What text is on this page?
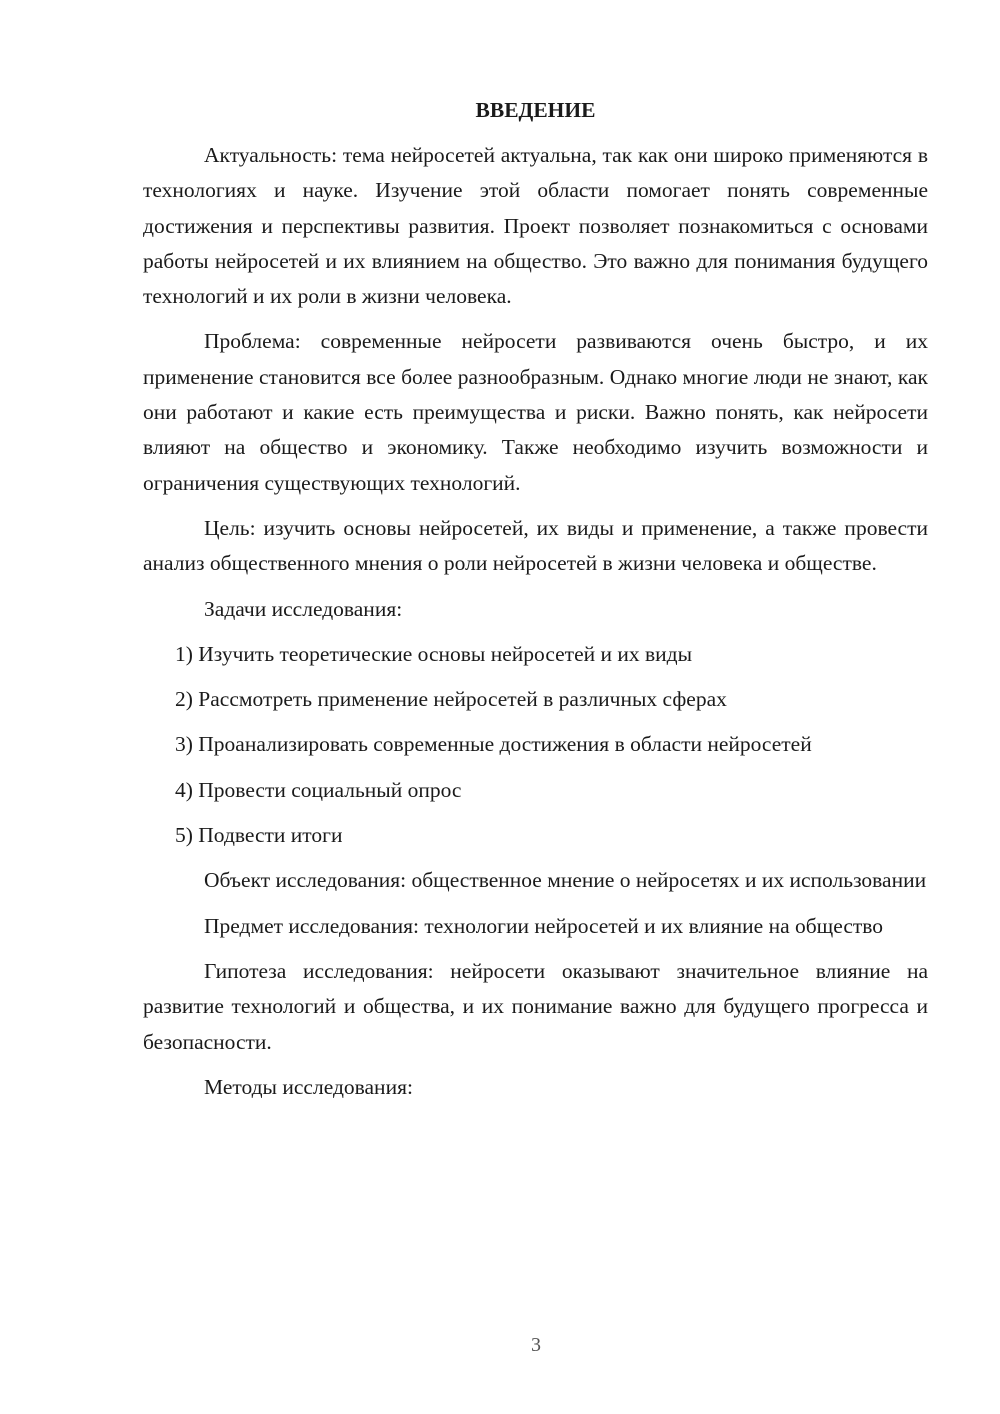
ВВЕДЕНИЕ

Актуальность: тема нейросетей актуальна, так как они широко применяются в технологиях и науке. Изучение этой области помогает понять современные достижения и перспективы развития. Проект позволяет познакомиться с основами работы нейросетей и их влиянием на общество. Это важно для понимания будущего технологий и их роли в жизни человека.

Проблема: современные нейросети развиваются очень быстро, и их применение становится все более разнообразным. Однако многие люди не знают, как они работают и какие есть преимущества и риски. Важно понять, как нейросети влияют на общество и экономику. Также необходимо изучить возможности и ограничения существующих технологий.

Цель: изучить основы нейросетей, их виды и применение, а также провести анализ общественного мнения о роли нейросетей в жизни человека и обществе.

Задачи исследования:

1) Изучить теоретические основы нейросетей и их виды
2) Рассмотреть применение нейросетей в различных сферах
3) Проанализировать современные достижения в области нейросетей
4) Провести социальный опрос
5) Подвести итоги

Объект исследования: общественное мнение о нейросетях и их использовании

Предмет исследования: технологии нейросетей и их влияние на общество

Гипотеза исследования: нейросети оказывают значительное влияние на развитие технологий и общества, и их понимание важно для будущего прогресса и безопасности.

Методы исследования:

3
